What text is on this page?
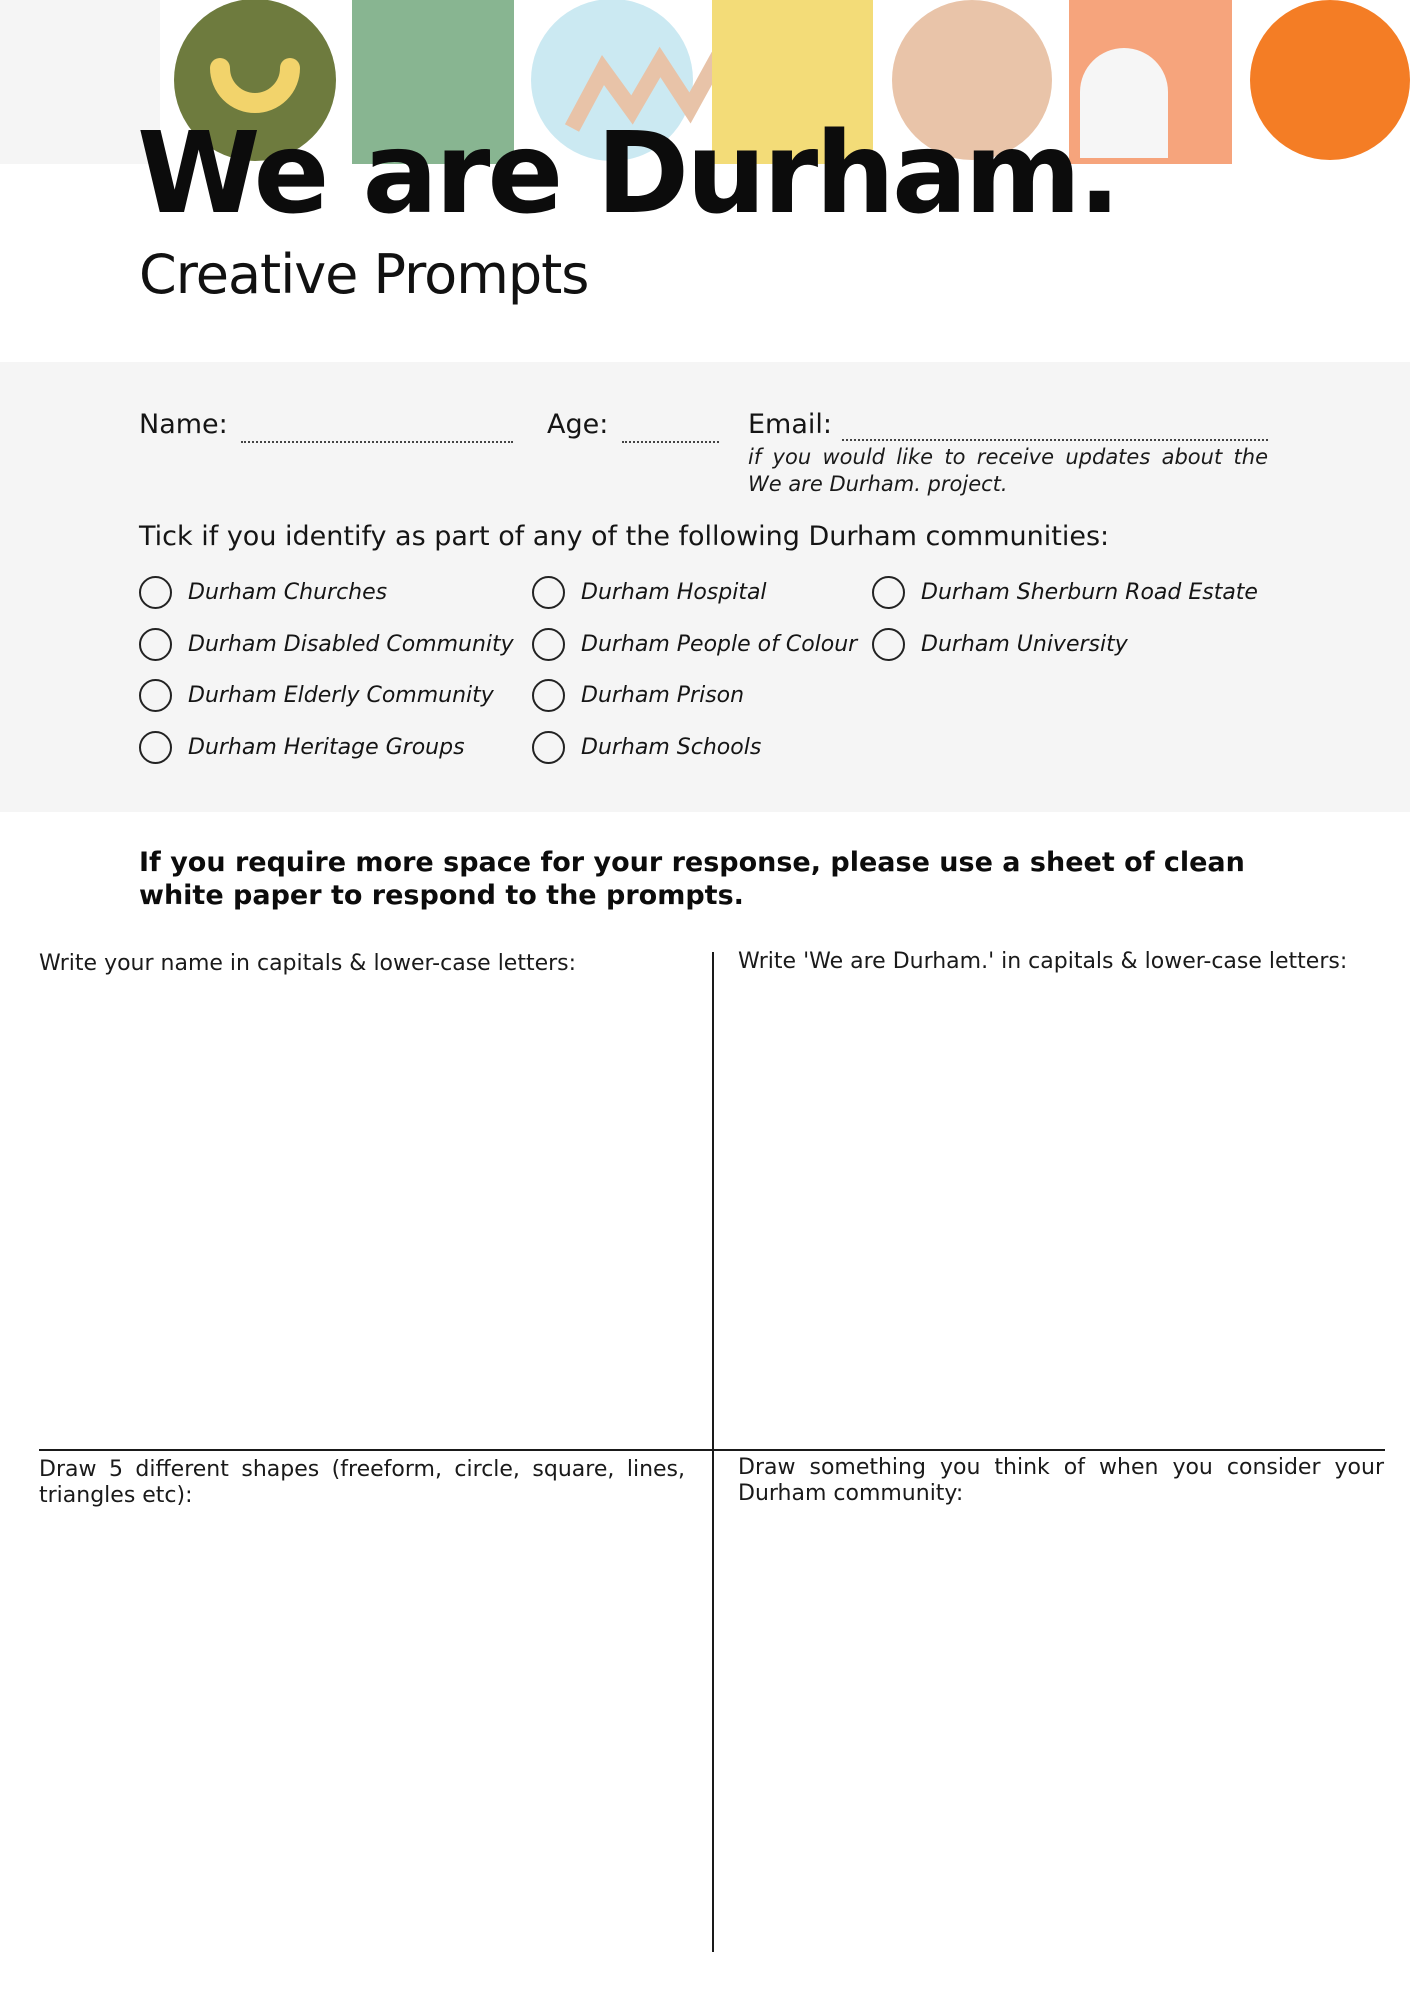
We are Durham.
Creative Prompts
Name:	Age:	Email:

if you would like to receive updates about the We are Durham. project.

Tick if you identify as part of any of the following Durham communities:
Durham Churches
Durham Disabled Community
Durham Elderly Community
Durham Heritage Groups
Durham Hospital
Durham People of Colour
Durham Prison
Durham Schools
Durham Sherburn Road Estate
Durham University

If you require more space for your response, please use a sheet of clean white paper to respond to the prompts.

Write your name in capitals & lower-case letters:	Write 'We are Durham.' in capitals & lower-case letters:

Draw 5 different shapes (freeform, circle, square, lines, triangles etc):

Draw something you think of when you consider your Durham community:
